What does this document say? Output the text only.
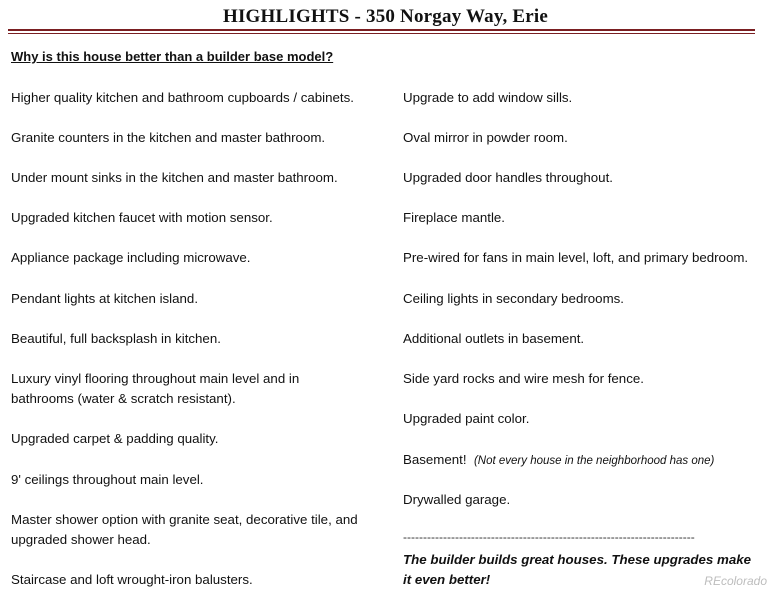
HIGHLIGHTS - 350 Norgay Way, Erie
Why is this house better than a builder base model?
Higher quality kitchen and bathroom cupboards / cabinets.
Granite counters in the kitchen and master bathroom.
Under mount sinks in the kitchen and master bathroom.
Upgraded kitchen faucet with motion sensor.
Appliance package including microwave.
Pendant lights at kitchen island.
Beautiful, full backsplash in kitchen.
Luxury vinyl flooring throughout main level and in bathrooms (water & scratch resistant).
Upgraded carpet & padding quality.
9' ceilings throughout main level.
Master shower option with granite seat, decorative tile, and upgraded shower head.
Staircase and loft wrought-iron balusters.
Upgrade to add window sills.
Oval mirror in powder room.
Upgraded door handles throughout.
Fireplace mantle.
Pre-wired for fans in main level, loft, and primary bedroom.
Ceiling lights in secondary bedrooms.
Additional outlets in basement.
Side yard rocks and wire mesh for fence.
Upgraded paint color.
Basement! (Not every house in the neighborhood has one)
Drywalled garage.
-------------------------------------------------------------------------
The builder builds great houses. These upgrades make it even better!	REcolorado
